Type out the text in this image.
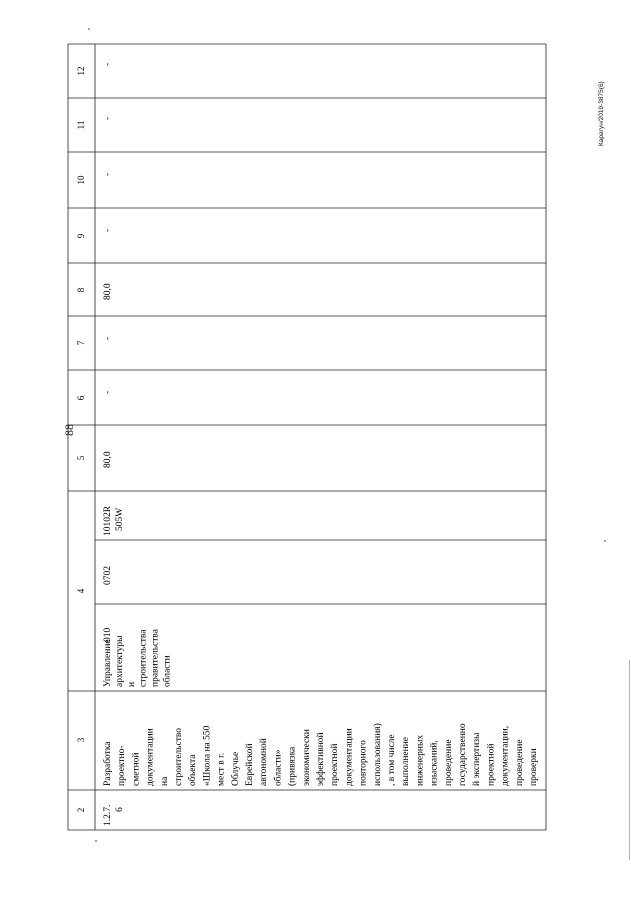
88
Карагун/2019-3875(6)
12
11
10
9
8
7
6
5
4
3
2
-
-
-
-
80,0
-
-
80,0
10102R 505W
0702
010
Управление архитектуры и строительства правительства области
Разработка проектно- сметной документации на строительство объекта «Школа на 550 мест в г. Облучье Еврейской автономной области» (привязка экономически эффективной проектной документации повторного использования) , в том числе выполнение инженерных изысканий, проведение государственно й экспертизы проектной документации, проведение проверки
1.2.7. 6
